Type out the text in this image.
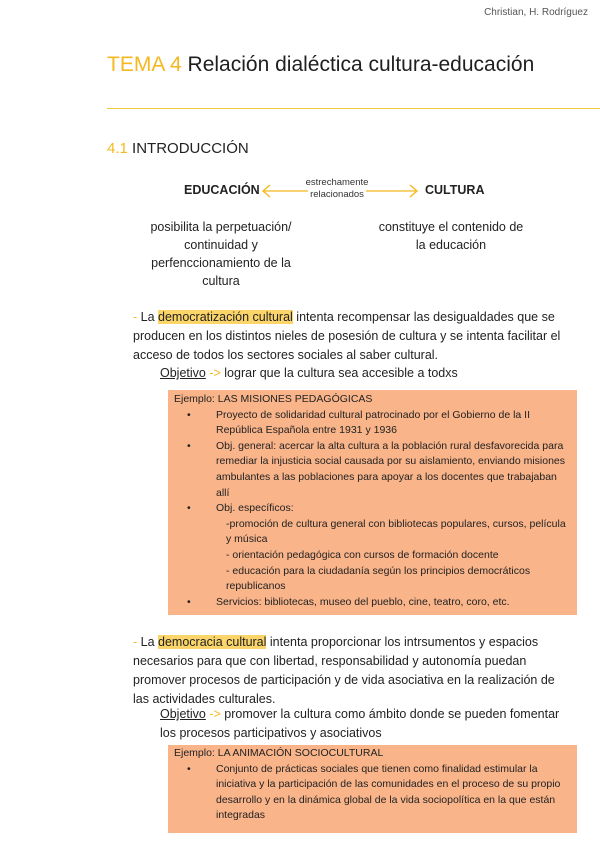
Christian, H. Rodríguez
TEMA 4 Relación dialéctica cultura-educación
4.1 INTRODUCCIÓN
EDUCACIÓN
estrechamente
relacionados	CULTURA
posibilita la perpetuación/ continuidad y perfenccionamiento de la cultura
constituye el contenido de la educación
- La democratización cultural intenta recompensar las desigualdades que se producen en los distintos nieles de posesión de cultura y se intenta facilitar el acceso de todos los sectores sociales al saber cultural.
Objetivo -> lograr que la cultura sea accesible a todxs
Ejemplo: LAS MISIONES PEDAGÓGICAS
• Proyecto de solidaridad cultural patrocinado por el Gobierno de la II República Española entre 1931 y 1936
• Obj. general: acercar la alta cultura a la población rural desfavorecida para remediar la injusticia social causada por su aislamiento, enviando misiones ambulantes a las poblaciones para apoyar a los docentes que trabajaban allí
• Obj. específicos:
-promoción de cultura general con bibliotecas populares, cursos, película y música
- orientación pedagógica con cursos de formación docente
- educación para la ciudadanía según los principios democráticos republicanos
• Servicios: bibliotecas, museo del pueblo, cine, teatro, coro, etc.
- La democracia cultural intenta proporcionar los intrsumentos y espacios necesarios para que con libertad, responsabilidad y autonomía puedan promover procesos de participación y de vida asociativa en la realización de las actividades culturales.
Objetivo -> promover la cultura como ámbito donde se pueden fomentar los procesos participativos y asociativos
Ejemplo: LA ANIMACIÓN SOCIOCULTURAL
• Conjunto de prácticas sociales que tienen como finalidad estimular la iniciativa y la participación de las comunidades en el proceso de su propio desarrollo y en la dinámica global de la vida sociopolítica en la que están integradas
